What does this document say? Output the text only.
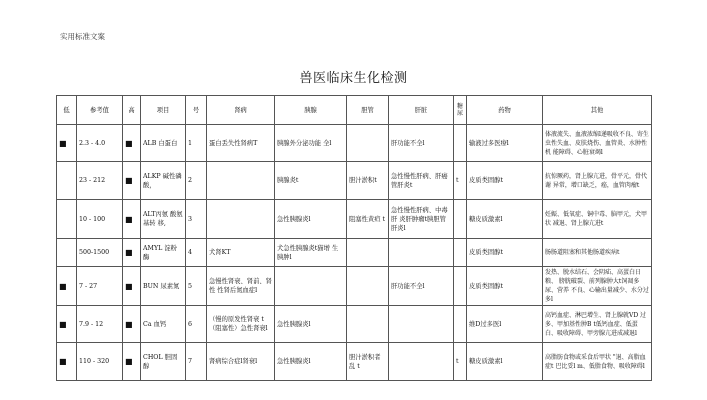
实用标准文案
兽医临床生化检测
低	参考值	高	项目	号	肾病	胰腺	胆管	肝脏	糖尿	药物	其他
■	2.3 - 4.0	■	ALB 白蛋白	1	蛋白丢失性肾病T	胰腺外分泌功能 全l		肝功能不全l		输液过多医療l	体液流失、血液浓缩l递吸收不良、寄生 虫性失血、皮肤烧伤、血管炎、水肿性机 能障碍、心脏衰竭l
	23 - 212	■	ALKP 碱性磷酸，	2		胰腺炎t	胆汁淤积t	急性慢性肝病、肝癌 管肝炎t	t	皮质类固醇t	抗惊厥药，肾上腺亢进，骨平元，骨代谢 异常，增口缺乏，癌，血管肉瘤t
	10 - 100	■	ALT丙氨 酸氨基转 移,	3		急性胰腺炎l	阻塞性黄疸 t	急性慢性肝病、中毒肝 炎肝肿瘤t胰胆管 肝炎l		糖皮质激素l	妊娠、低氧症、铜中毒、脑甲元，犬甲状 减退、肾上腺亢进t
	500-1500	■	AMYL 淀粉酶	4	犬肾KT	犬急性胰腺炎t猫增 生胰肿l				皮质类固醇t	肠肠道阻塞和其他肠道疾病t
■	7 - 27	■	BUN 尿素氮	5	急慢性肾衰、肾前、肾性 性肾后氮血症l			肝功能不全l		皮质类固醇t	发热、脱水结石、会阴疝、高蛋白日粮、 膀胱破裂、前列腺肿大t饲凋多尿、营养 不良、心输出量减少、水分过多l
■	7.9 - 12	■	Ca 血钙	6	（慢的原发性肾衰 t （阻塞性）急性肾衰l	急性胰腺炎l				维D过多医l	高钙血症、淋巴增生、肾上腺就VD 过 多、甲加基性肿B t低钙血症、低蛋 白、吸收障碍、甲旁腺亢进成减退l
■	110 - 320	■	CHOL 胆固醇	7	肾病综合症l肾衰l	急性胰腺炎l	胆汁淤积者 乱 t		t	糖皮质激素l	高脂肪食物或采食后甲状 "退、高脂血 症t 巴比妥l m、低脂食物、吸收障碍l
